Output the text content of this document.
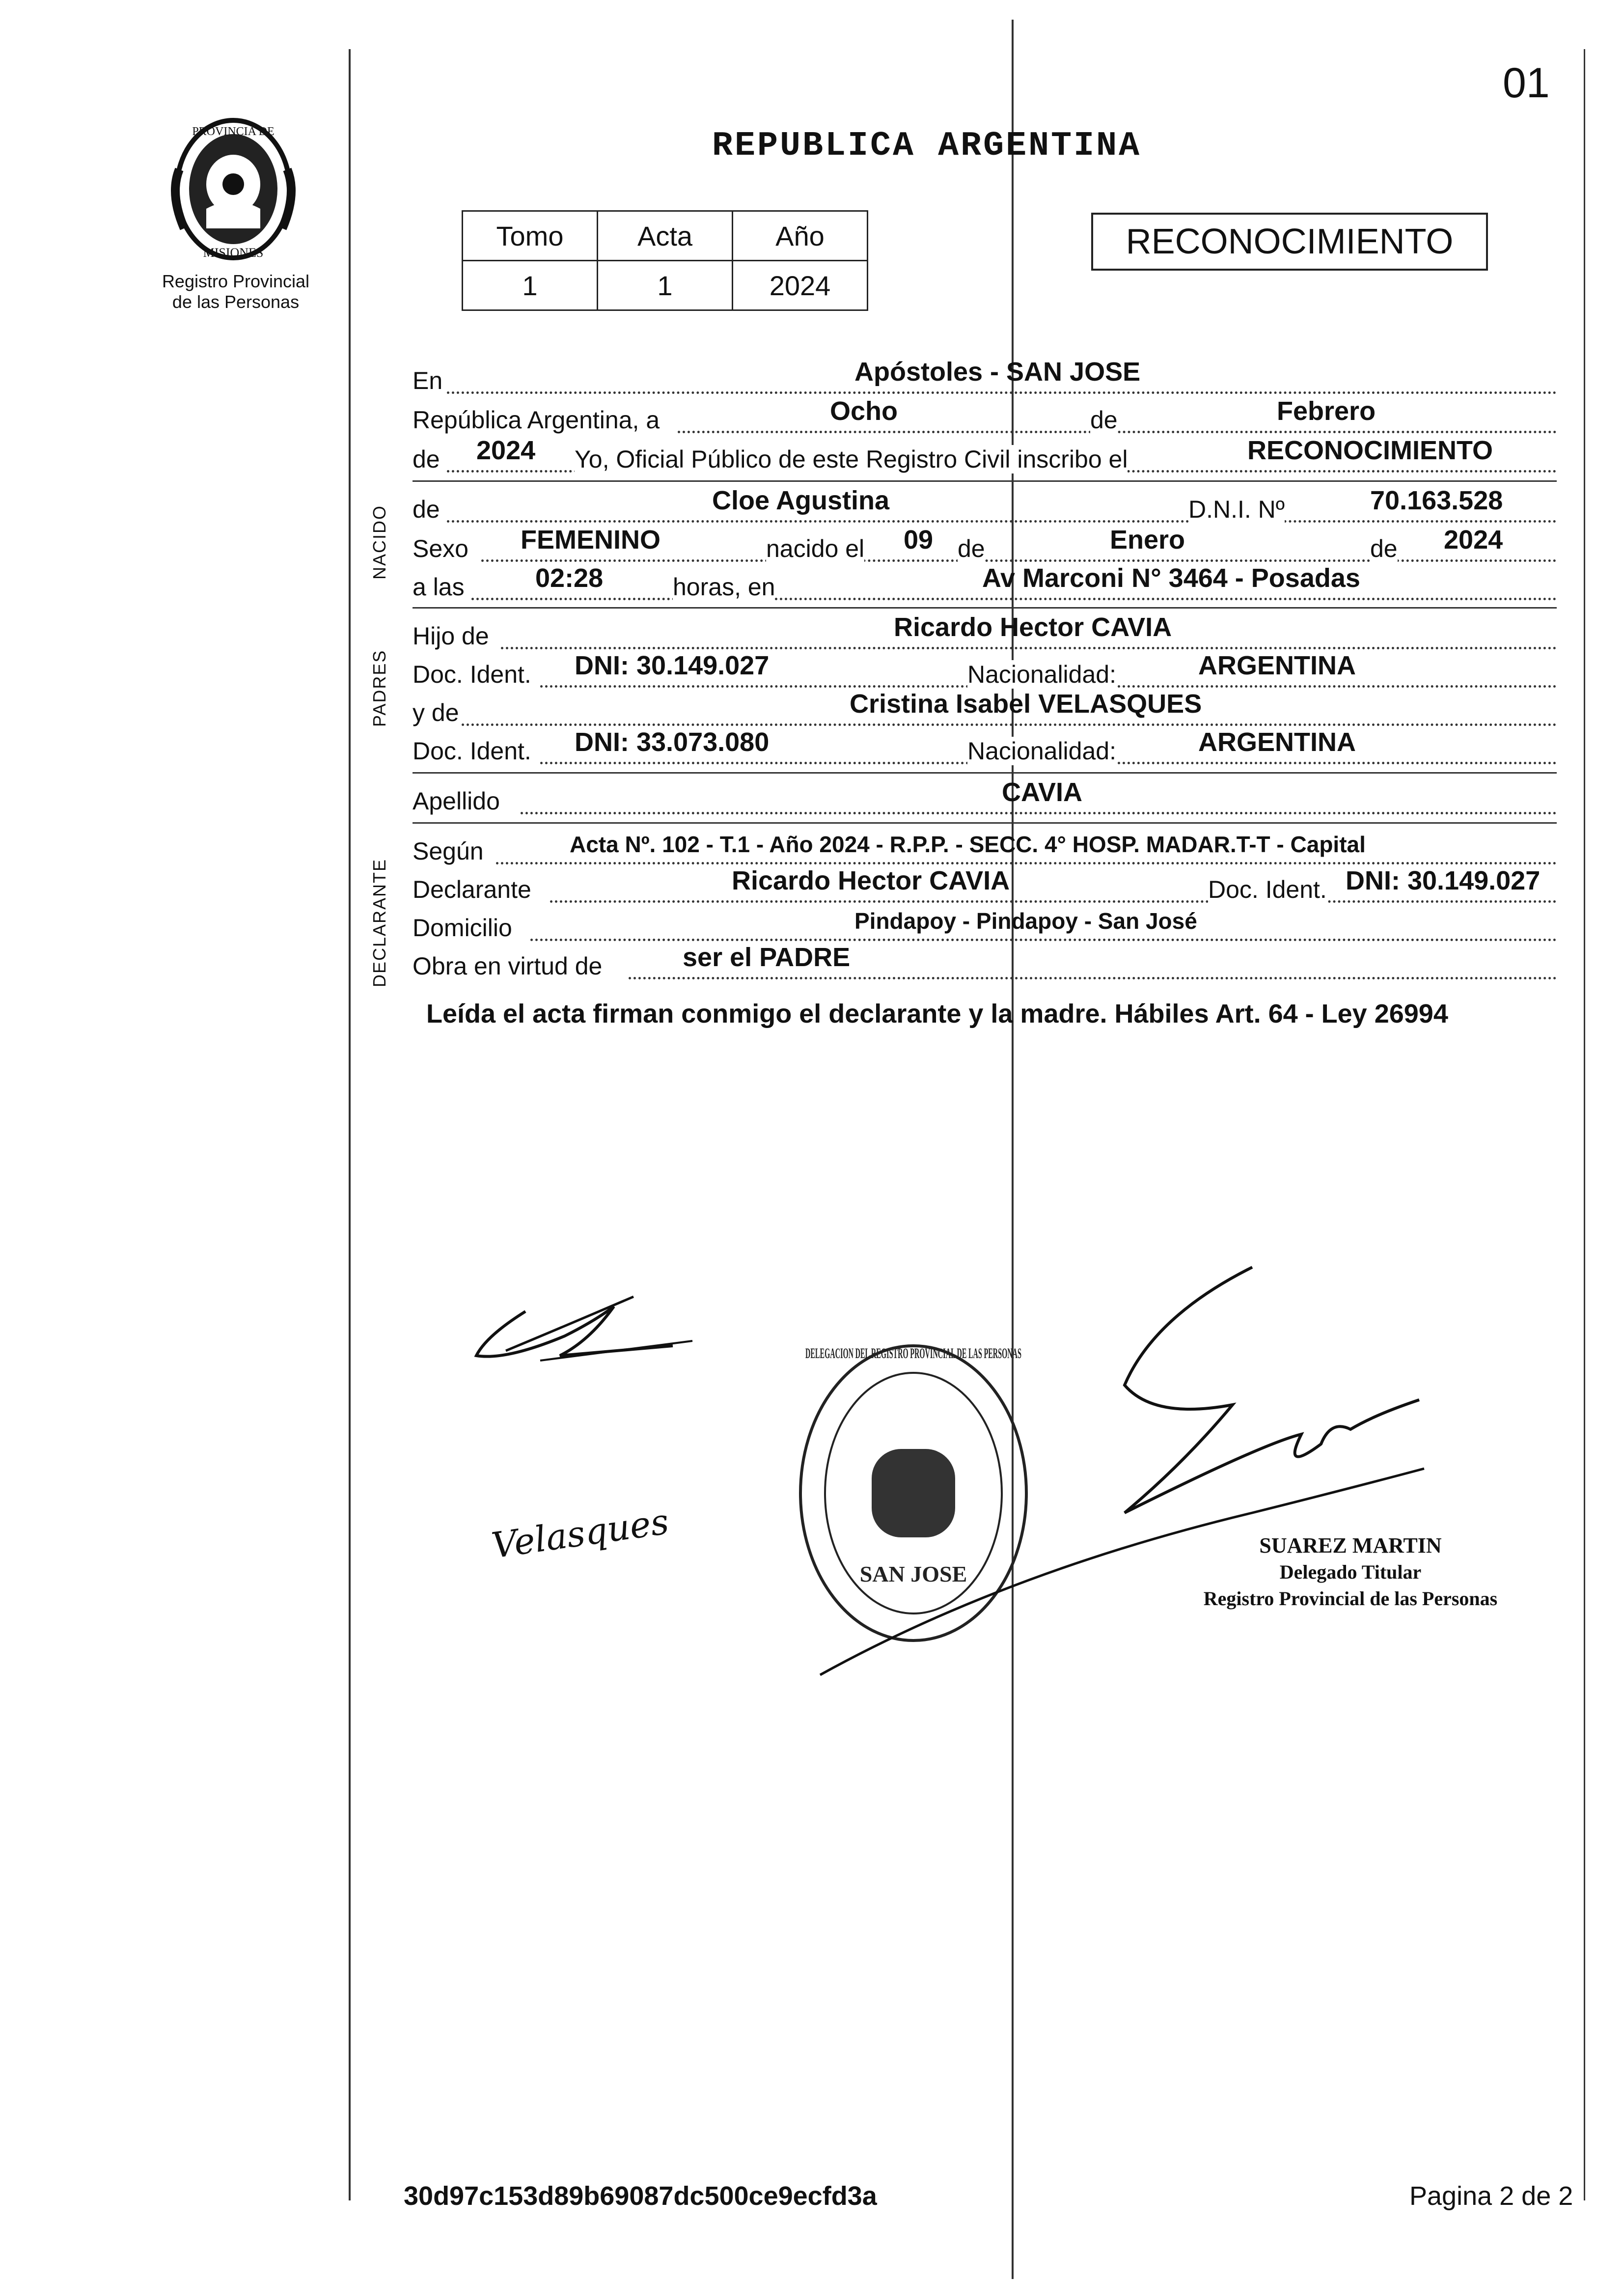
01
PROVINCIA DE
MISIONES
Registro Provincial
de las Personas
REPUBLICA ARGENTINA
Tomo	Acta	Año
1	1	2024
RECONOCIMIENTO
NACIDO
PADRES
DECLARANTE
En	Apóstoles - SAN JOSE
República Argentina, a	Ocho	de	Febrero
de 2024 Yo, Oficial Público de este Registro Civil inscribo el	RECONOCIMIENTO
de	Cloe Agustina	D.N.I. Nº	70.163.528
Sexo FEMENINO	nacido el 09 de	Enero	de 2024
a las	02:28	horas, en	Av Marconi N° 3464 - Posadas
Hijo de	Ricardo Hector CAVIA
Doc. Ident. DNI: 30.149.027	Nacionalidad:	ARGENTINA
y de	Cristina Isabel VELASQUES
Doc. Ident. DNI: 33.073.080	Nacionalidad:	ARGENTINA
Apellido	CAVIA
Según	Acta Nº. 102 - T.1 - Año 2024 - R.P.P. - SECC. 4° HOSP. MADAR.T-T - Capital
Declarante	Ricardo Hector CAVIA	Doc. Ident. DNI: 30.149.027
Domicilio	Pindapoy - Pindapoy - San José
Obra en virtud de	ser el PADRE
Leída el acta firman conmigo el declarante y la madre. Hábiles Art. 64 - Ley 26994
Velasques
DELEGACION DEL REGISTRO PROVINCIAL DE LAS PERSONAS
SAN JOSE
SUAREZ MARTIN
Delegado Titular
Registro Provincial de las Personas
30d97c153d89b69087dc500ce9ecfd3a	Pagina 2 de 2
